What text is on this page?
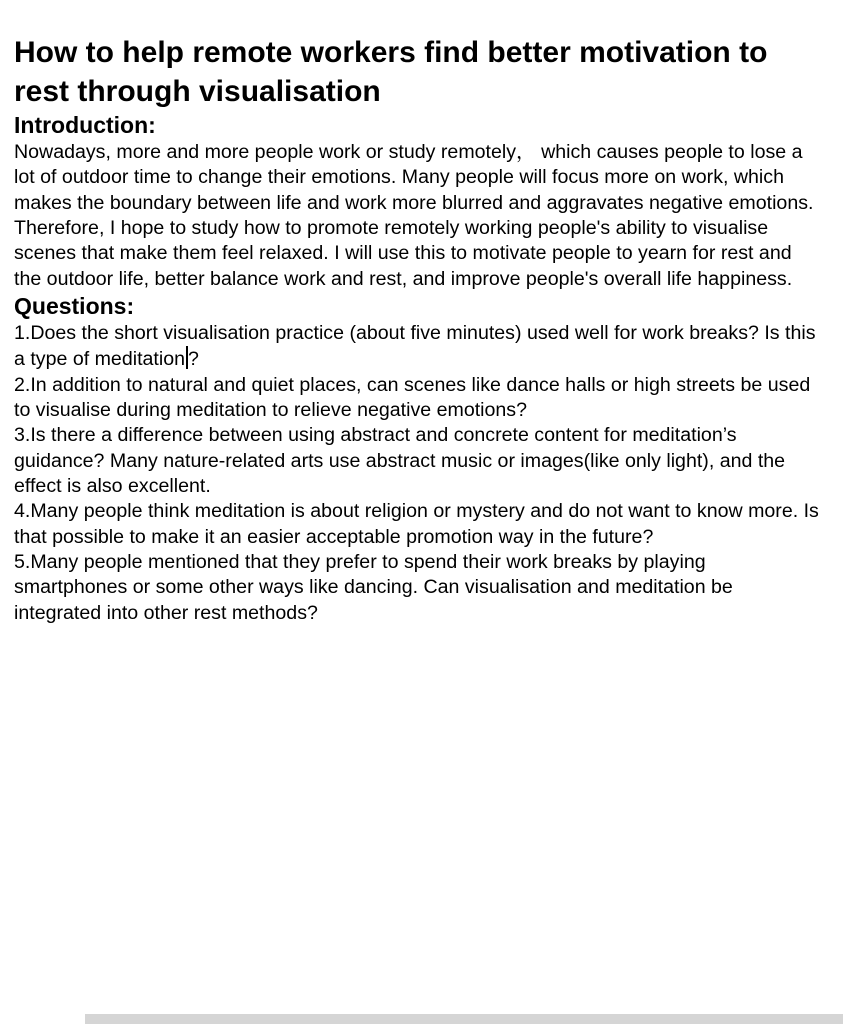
How to help remote workers find better motivation to rest through visualisation
Introduction:

Nowadays, more and more people work or study remotely， which causes people to lose a lot of outdoor time to change their emotions. Many people will focus more on work, which makes the boundary between life and work more blurred and aggravates negative emotions. Therefore, I hope to study how to promote remotely working people's ability to visualise scenes that make them feel relaxed. I will use this to motivate people to yearn for rest and the outdoor life, better balance work and rest, and improve people's overall life happiness.

Questions:

1.Does the short visualisation practice (about five minutes) used well for work breaks? Is this a type of meditation ?

2.In addition to natural and quiet places, can scenes like dance halls or high streets be used to visualise during meditation to relieve negative emotions?

3.Is there a difference between using abstract and concrete content for meditation’s guidance? Many nature-related arts use abstract music or images(like only light), and the effect is also excellent.

4.Many people think meditation is about religion or mystery and do not want to know more. Is that possible to make it an easier acceptable promotion way in the future?

5.Many people mentioned that they prefer to spend their work breaks by playing smartphones or some other ways like dancing. Can visualisation and meditation be integrated into other rest methods?
